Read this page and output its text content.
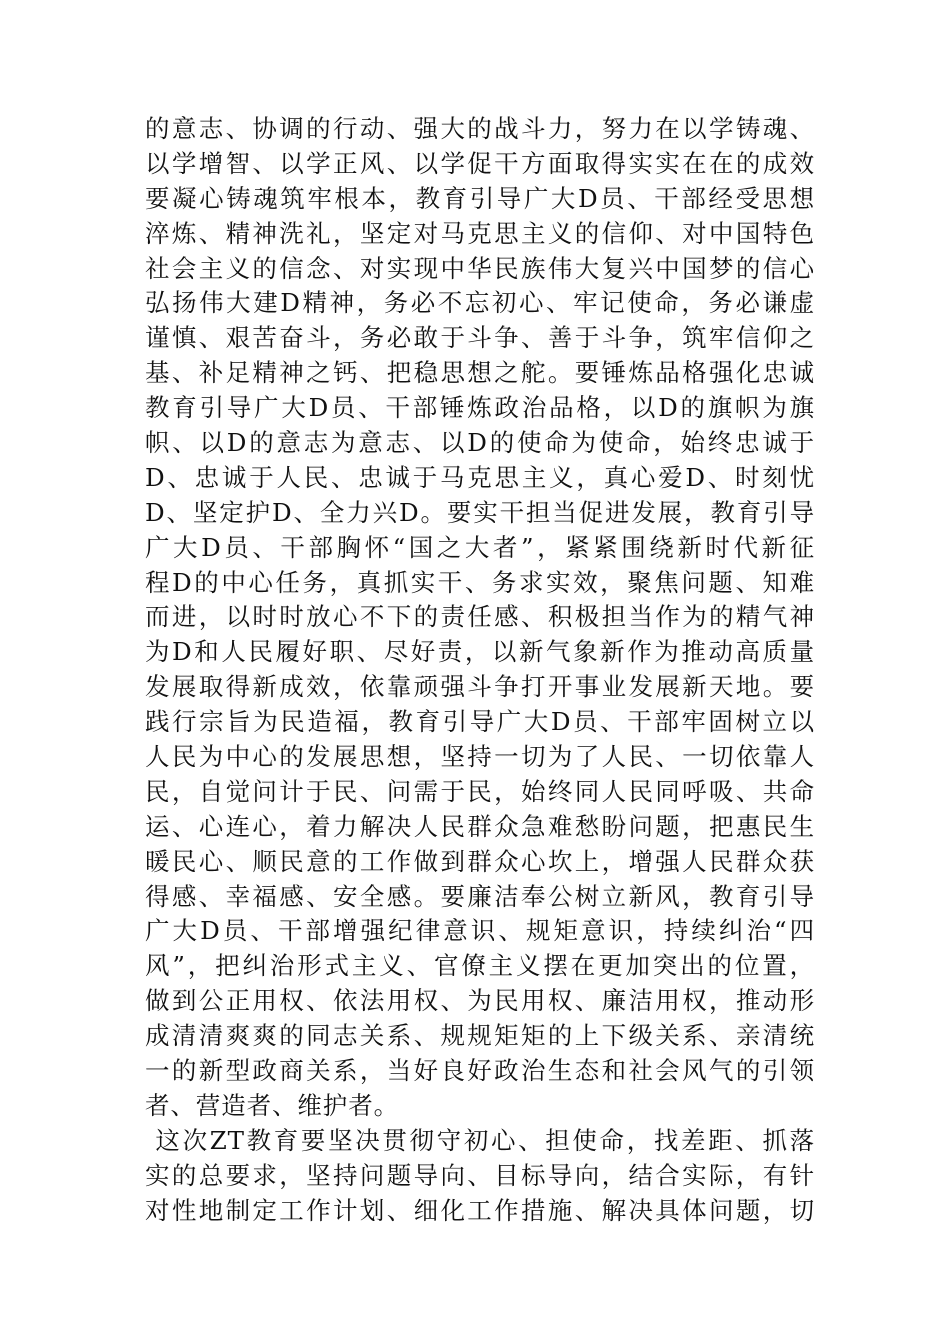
的意志、协调的行动、强大的战斗力，努力在以学铸魂、
以学增智、以学正风、以学促干方面取得实实在在的成效
要凝心铸魂筑牢根本，教育引导广大D员、干部经受思想
淬炼、精神洗礼，坚定对马克思主义的信仰、对中国特色
社会主义的信念、对实现中华民族伟大复兴中国梦的信心
弘扬伟大建D精神，务必不忘初心、牢记使命，务必谦虚
谨慎、艰苦奋斗，务必敢于斗争、善于斗争，筑牢信仰之
基、补足精神之钙、把稳思想之舵。要锤炼品格强化忠诚
教育引导广大D员、干部锤炼政治品格，以D的旗帜为旗
帜、以D的意志为意志、以D的使命为使命，始终忠诚于
D、忠诚于人民、忠诚于马克思主义，真心爱D、时刻忧
D、坚定护D、全力兴D。要实干担当促进发展，教育引导
广大D员、干部胸怀“国之大者”，紧紧围绕新时代新征
程D的中心任务，真抓实干、务求实效，聚焦问题、知难
而进，以时时放心不下的责任感、积极担当作为的精气神
为D和人民履好职、尽好责，以新气象新作为推动高质量
发展取得新成效，依靠顽强斗争打开事业发展新天地。要
践行宗旨为民造福，教育引导广大D员、干部牢固树立以
人民为中心的发展思想，坚持一切为了人民、一切依靠人
民，自觉问计于民、问需于民，始终同人民同呼吸、共命
运、心连心，着力解决人民群众急难愁盼问题，把惠民生
暖民心、顺民意的工作做到群众心坎上，增强人民群众获
得感、幸福感、安全感。要廉洁奉公树立新风，教育引导
广大D员、干部增强纪律意识、规矩意识，持续纠治“四
风”，把纠治形式主义、官僚主义摆在更加突出的位置，
做到公正用权、依法用权、为民用权、廉洁用权，推动形
成清清爽爽的同志关系、规规矩矩的上下级关系、亲清统
一的新型政商关系，当好良好政治生态和社会风气的引领
者、营造者、维护者。
这次ZT教育要坚决贯彻守初心、担使命，找差距、抓落
实的总要求，坚持问题导向、目标导向，结合实际，有针
对性地制定工作计划、细化工作措施、解决具体问题，切
